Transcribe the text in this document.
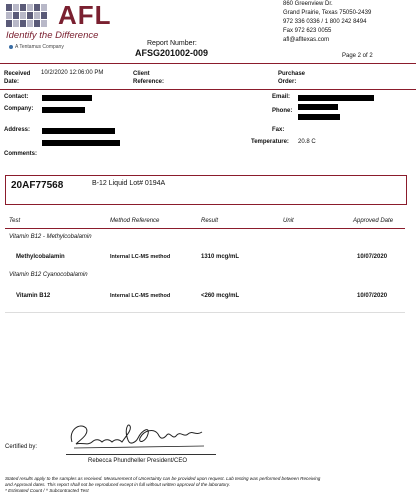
AFL
Identify the Difference
A Tentamus Company	Report Number:
AFSG201002-009
860 Greenview Dr.
Grand Prairie, Texas 75050-2439
972 336 0336 / 1 800 242 8494
Fax 972 623 0055
afl@afltexas.com
Page 2 of 2
Received
Date:
10/2/2020 12:06:00 PM	Client
Reference:
Purchase
Order:
Contact:
Company:
Address:
Comments:
Email:
Phone:
Fax:
Temperature: 20.8 C
20AF77568	B-12 Liquid Lot# 0194A
Test	Method Reference	Result	Unit	Approved Date
Vitamin B12 - Methylcobalamin
Methylcobalamin	Internal LC-MS method	1310 mcg/mL	10/07/2020
Vitamin B12 Cyanocobalamin
Vitamin B12	Internal LC-MS method	<260 mcg/mL	10/07/2020
Certified by:
Rebecca Phundheller President/CEO
Stated results apply to the samples as received. Measurement of Uncertainty can be provided upon request. Lab testing was performed between Receiving
and Approval dates. This report shall not be reproduced except in full without written approval of the laboratory.
* Estimated Count / ^ Subcontracted Test
